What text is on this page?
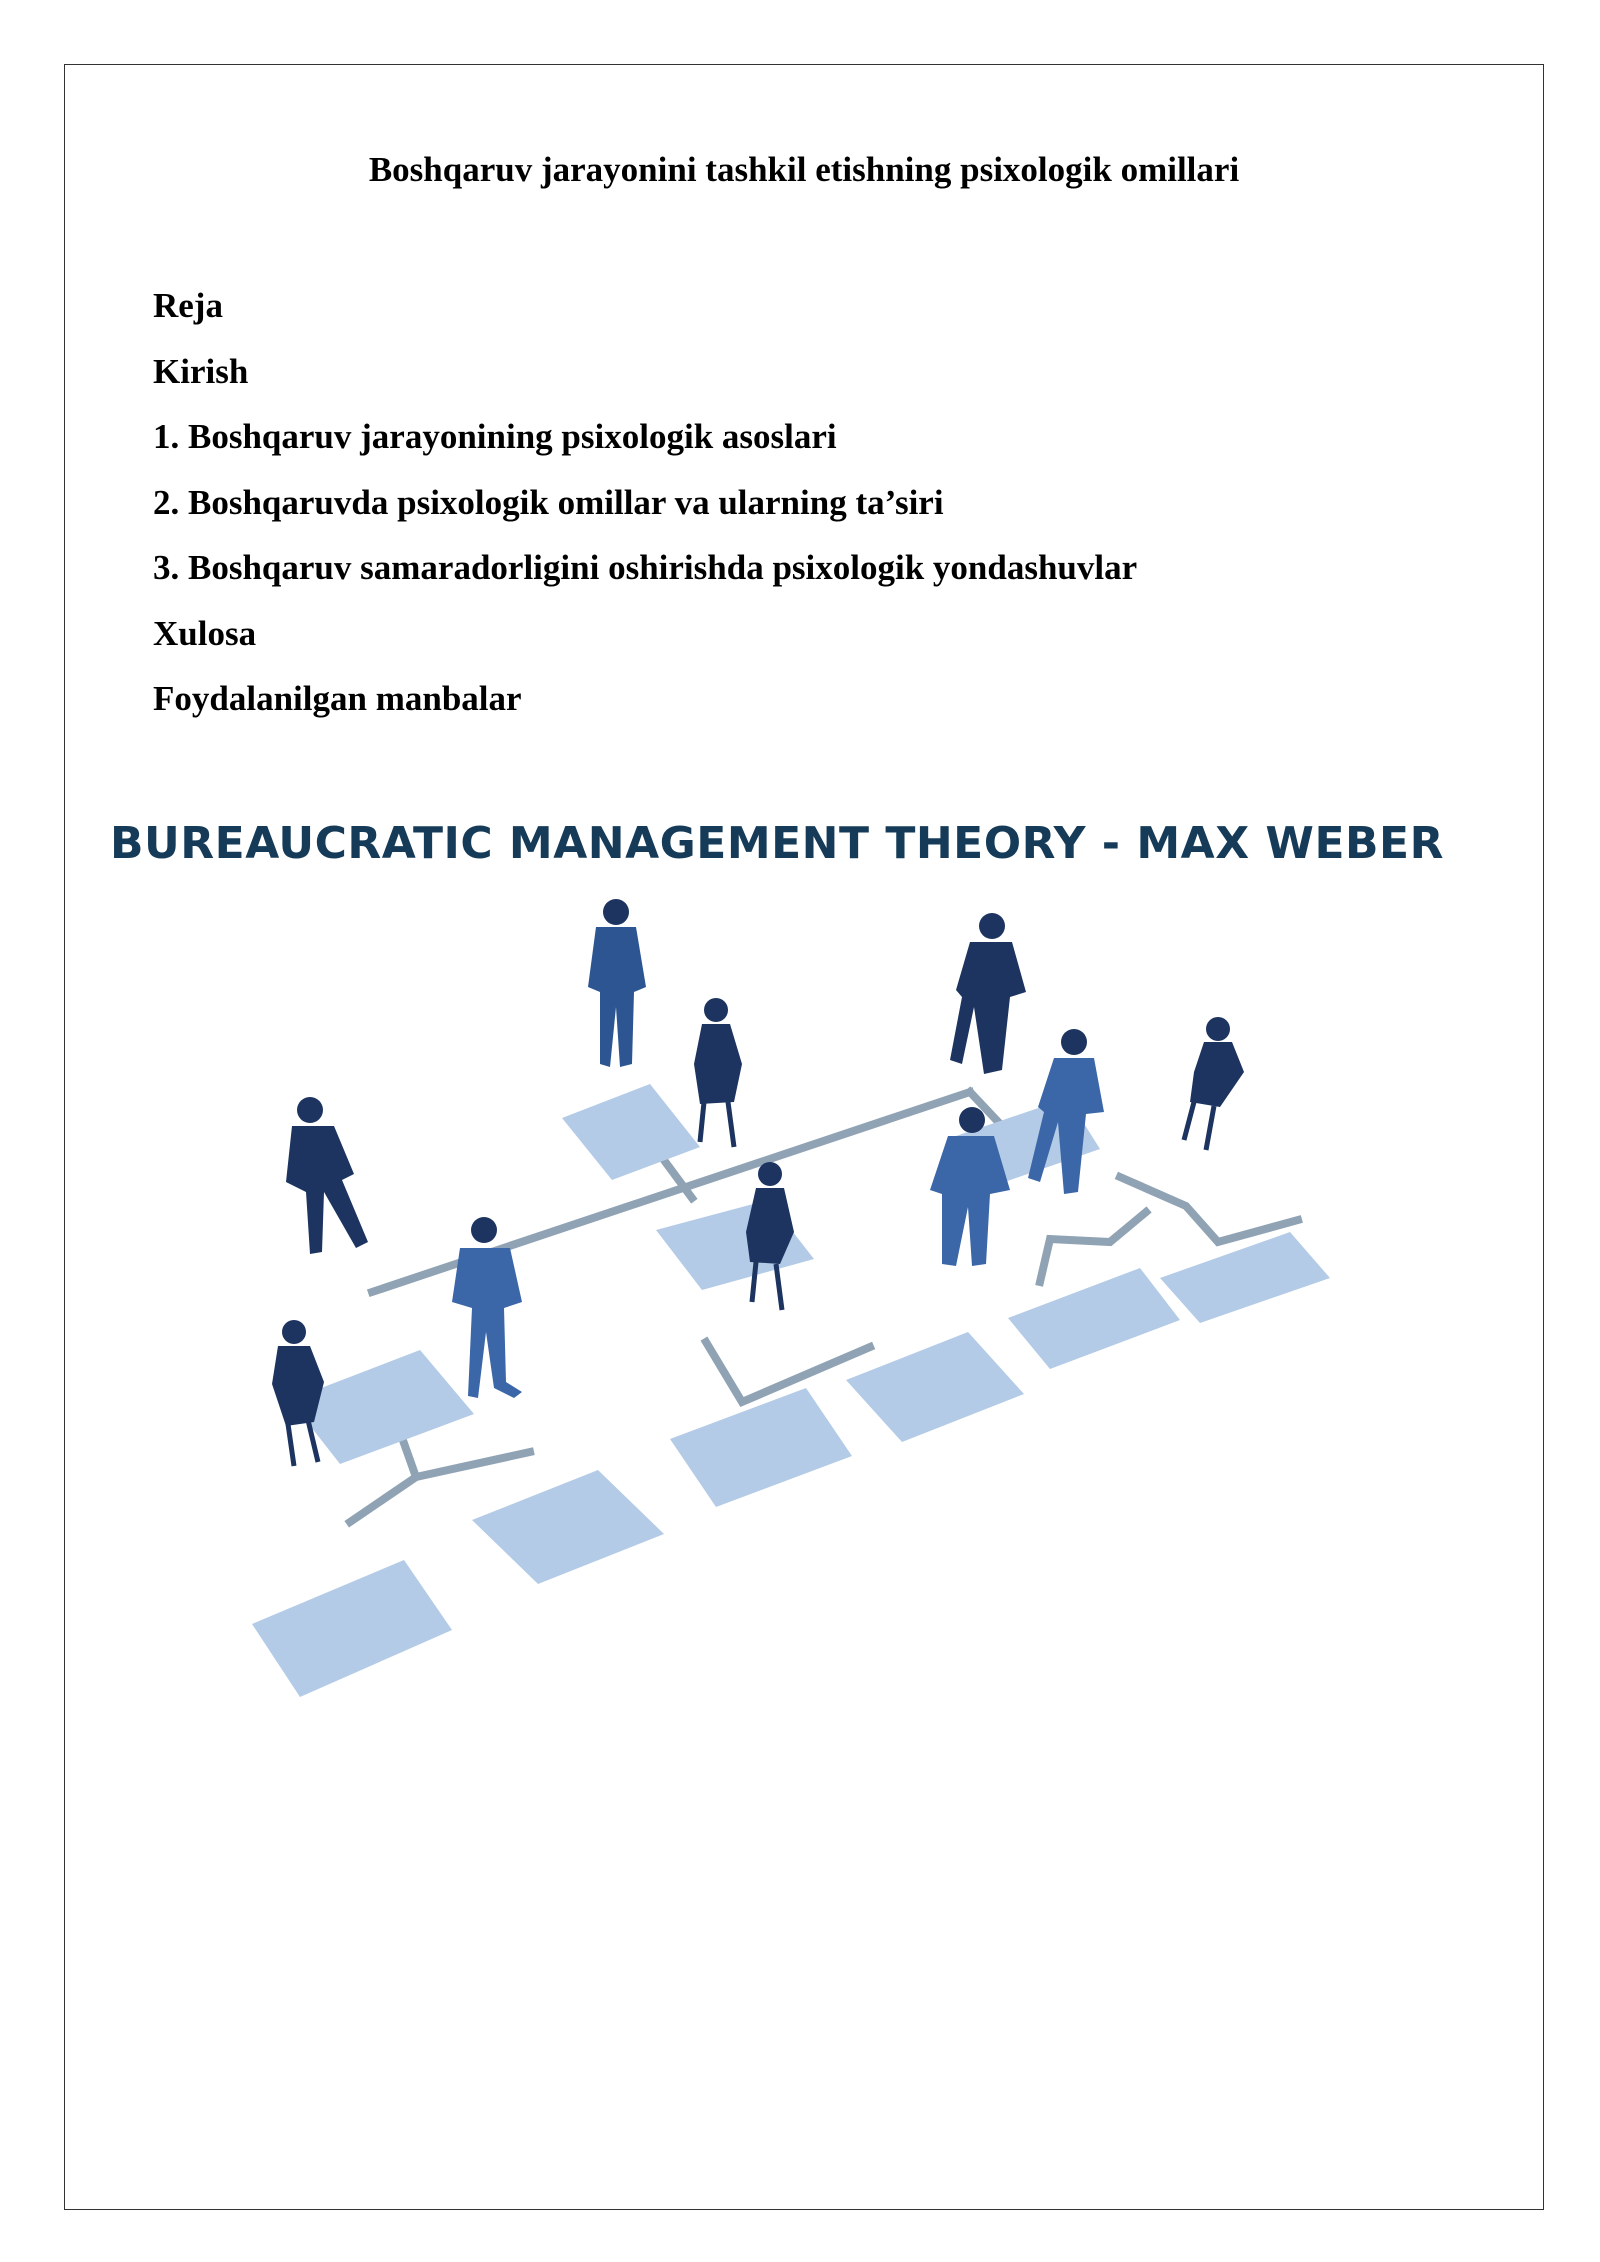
Boshqaruv jarayonini tashkil etishning psixologik omillari
Reja
Kirish
1. Boshqaruv jarayonining psixologik asoslari
2. Boshqaruvda psixologik omillar va ularning ta’siri
3. Boshqaruv samaradorligini oshirishda psixologik yondashuvlar
Xulosa
Foydalanilgan manbalar
BUREAUCRATIC MANAGEMENT THEORY - MAX WEBER
